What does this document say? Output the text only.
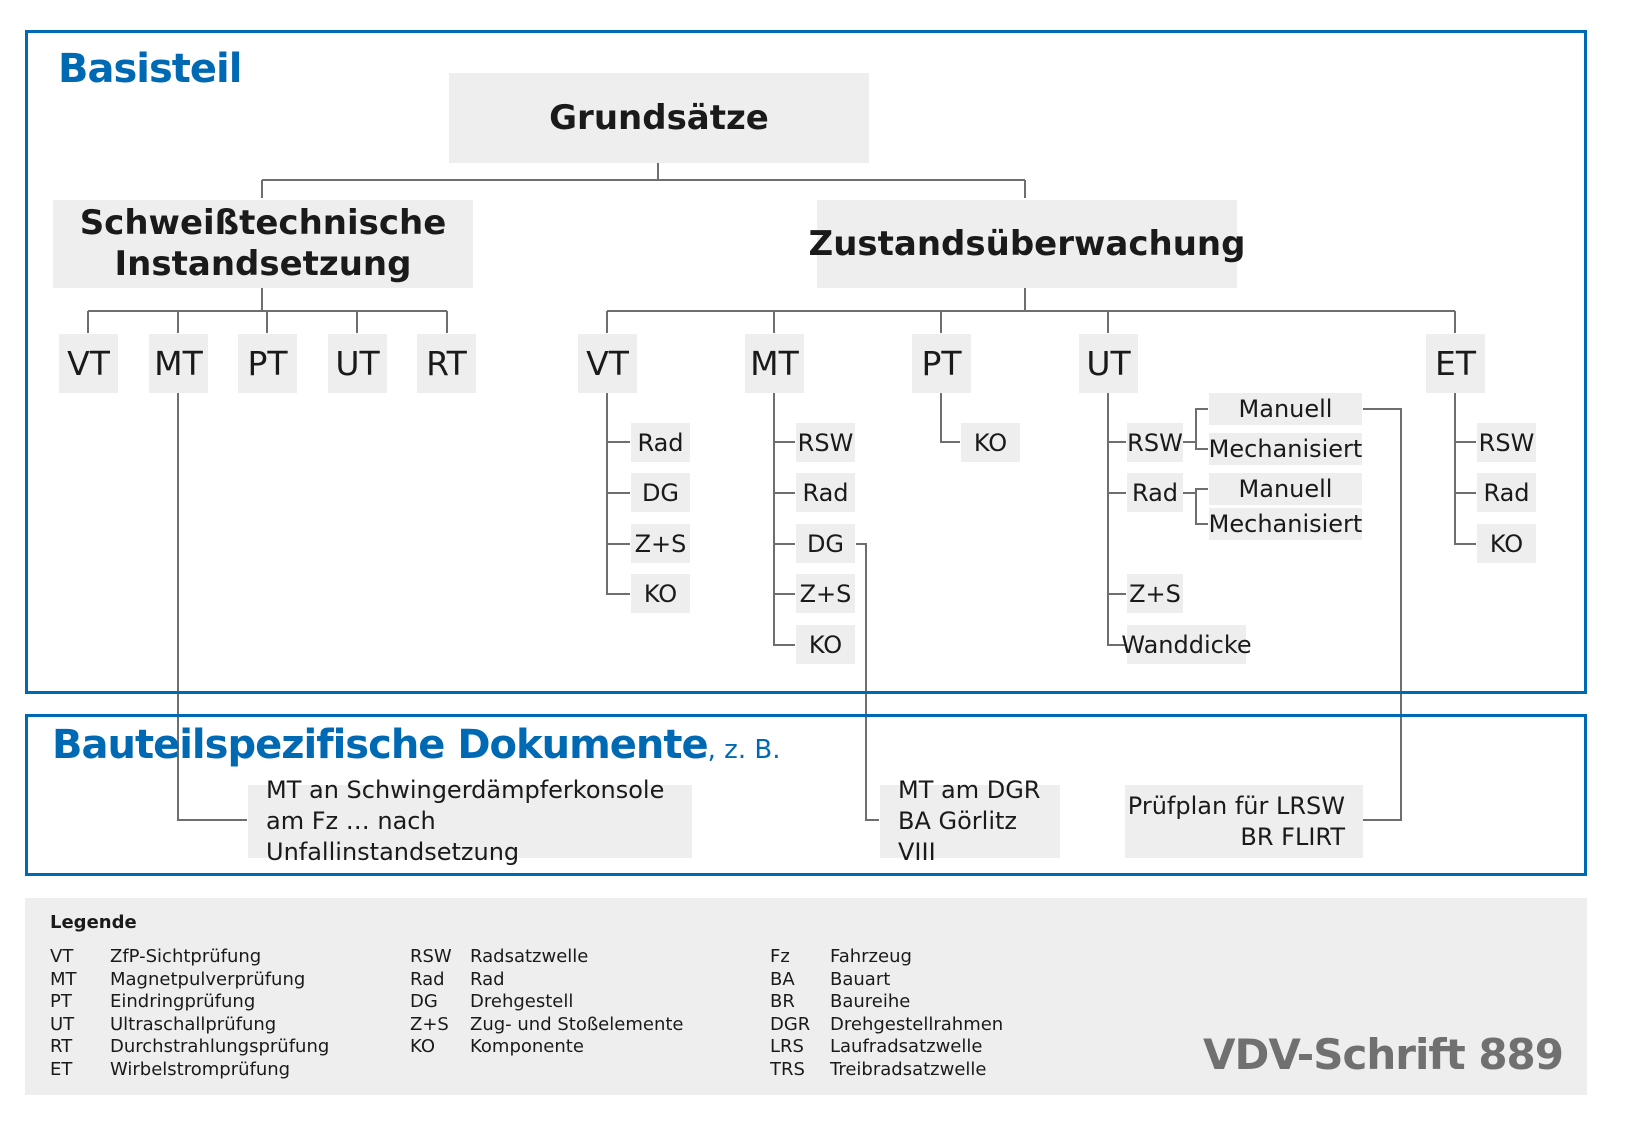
Basisteil
Bauteilspezifische Dokumente, z. B.
Grundsätze
Schweißtechnische
Instandsetzung
Zustandsüberwachung
VT MT PT UT RT	VT	MT	PT	UT	ET
Rad
DG
Z+S
KO
RSW
Rad
DG
Z+S
KO
KO	RSW
Rad
Manuell
Mechanisiert
Manuell
Mechanisiert
Z+S
Wanddicke
RSW
Rad
KO
MT an Schwingerdämpferkonsole
am Fz … nach Unfallinstandsetzung
MT am DGR
BA Görlitz VIII
Prüfplan für LRSW
BR FLIRT
Legende
VT	ZfP-Sichtprüfung
MT	Magnetpulverprüfung
PT	Eindringprüfung
UT	Ultraschallprüfung
RT	Durchstrahlungsprüfung
ET	Wirbelstromprüfung
RSW	Radsatzwelle
Rad	Rad
DG	Drehgestell
Z+S	Zug- und Stoßelemente
KO	Komponente
Fz	Fahrzeug
BA	Bauart
BR	Baureihe
DGR	Drehgestellrahmen
LRS	Laufradsatzwelle
TRS	Treibradsatzwelle	VDV-Schrift 889
